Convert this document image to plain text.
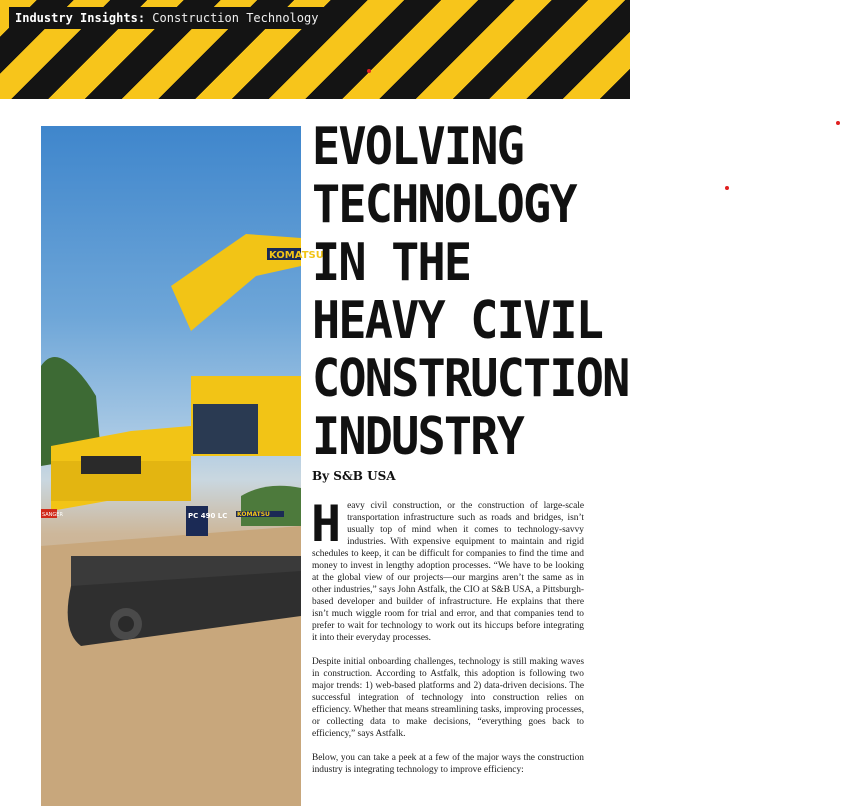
Industry Insights: Construction Technology
KOMATSU
KOMATSU
PC 490 LC
SANGER
EVOLVING
TECHNOLOGY
IN THE
HEAVY CIVIL
CONSTRUCTION
INDUSTRY
By S&B USA

Heavy civil construction, or the construction of large-scale transportation infrastructure such as roads and bridges, isn’t usually top of mind when it comes to technology-savvy industries. With expensive equipment to maintain and rigid schedules to keep, it can be difficult for companies to find the time and money to invest in lengthy adoption processes. “We have to be looking at the global view of our projects—our margins aren’t the same as in other industries,” says John Astfalk, the CIO at S&B USA, a Pittsburgh-based developer and builder of infrastructure. He explains that there isn’t much wiggle room for trial and error, and that companies tend to prefer to wait for technology to work out its hiccups before integrating it into their everyday processes.

Despite initial onboarding challenges, technology is still making waves in construction. According to Astfalk, this adoption is following two major trends: 1) web-based platforms and 2) data-driven decisions. The successful integration of technology into construction relies on efficiency. Whether that means streamlining tasks, improving processes, or collecting data to make decisions, “everything goes back to efficiency,” says Astfalk.

Below, you can take a peek at a few of the major ways the construction industry is integrating technology to improve efficiency:
